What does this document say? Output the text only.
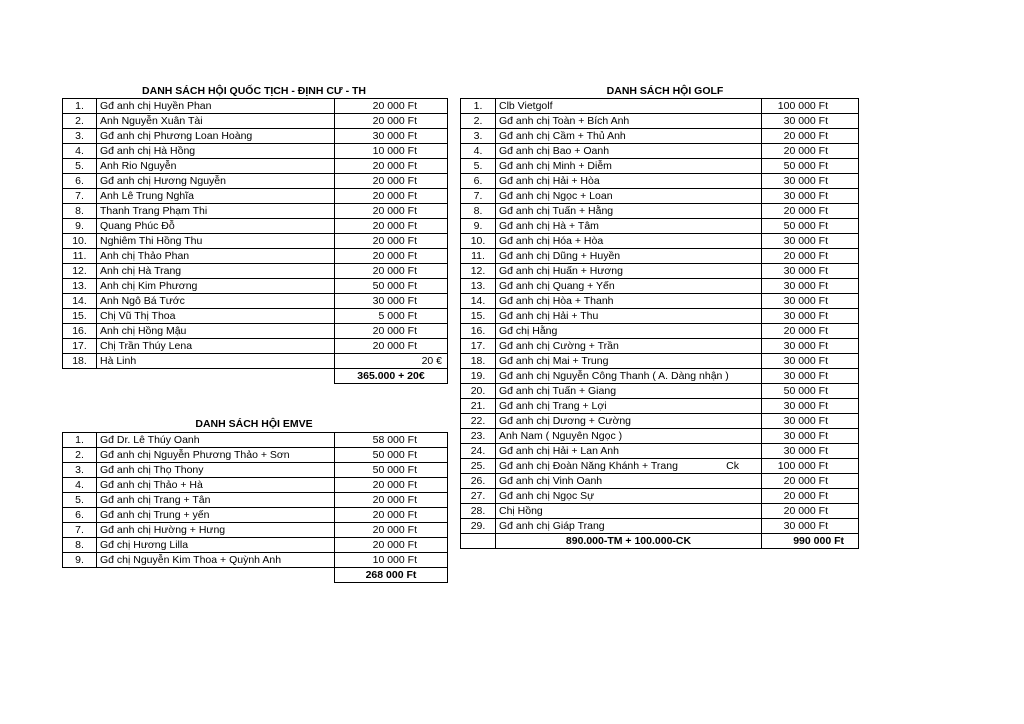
DANH SÁCH HỘI QUỐC TỊCH - ĐỊNH CƯ - TH
1.	Gđ anh chị Huyền Phan	20 000 Ft
2.	Anh Nguyễn Xuân Tài	20 000 Ft
3.	Gđ anh chị Phương Loan Hoàng	30 000 Ft
4.	Gđ anh chị Hà Hồng	10 000 Ft
5.	Anh Rio Nguyễn	20 000 Ft
6.	Gđ anh chị Hương Nguyễn	20 000 Ft
7.	Anh Lê Trung Nghĩa	20 000 Ft
8.	Thanh Trang Phạm Thi	20 000 Ft
9.	Quang Phúc Đỗ	20 000 Ft
10.	Nghiêm Thi Hồng Thu	20 000 Ft
11.	Anh chị Thảo Phan	20 000 Ft
12.	Anh chị Hà Trang	20 000 Ft
13.	Anh chị Kim Phương	50 000 Ft
14.	Anh Ngô Bá Tước	30 000 Ft
15.	Chị Vũ Thị Thoa	5 000 Ft
16.	Anh chị Hồng Mậu	20 000 Ft
17.	Chị Trần Thúy Lena	20 000 Ft
18.	Hà Linh	20 €
		365.000 + 20€
DANH SÁCH HỘI EMVE
1.	Gđ Dr. Lê Thúy Oanh	58 000 Ft
2.	Gđ anh chị Nguyễn Phương Thảo + Sơn	50 000 Ft
3.	Gđ anh chị Thọ Thony	50 000 Ft
4.	Gđ anh chị Thảo + Hà	20 000 Ft
5.	Gđ anh chị Trang + Tân	20 000 Ft
6.	Gđ anh chị Trung + yến	20 000 Ft
7.	Gđ anh chị Hường + Hưng	20 000 Ft
8.	Gđ chị Hương Lilla	20 000 Ft
9.	Gđ chị Nguyễn Kim Thoa + Quỳnh Anh	10 000 Ft
		268 000 Ft
DANH SÁCH HỘI GOLF
1.	Clb Vietgolf	100 000 Ft
2.	Gđ anh chị Toàn + Bích Anh	30 000 Ft
3.	Gđ anh chị Cầm + Thủ Anh	20 000 Ft
4.	Gđ anh chị Bao + Oanh	20 000 Ft
5.	Gđ anh chị Minh + Diễm	50 000 Ft
6.	Gđ anh chị Hải + Hòa	30 000 Ft
7.	Gđ anh chị Ngọc + Loan	30 000 Ft
8.	Gđ anh chị Tuấn + Hằng	20 000 Ft
9.	Gđ anh chị Hà + Tâm	50 000 Ft
10.	Gđ anh chị Hóa + Hòa	30 000 Ft
11.	Gđ anh chị Dũng + Huyền	20 000 Ft
12.	Gđ anh chị Huấn + Hương	30 000 Ft
13.	Gđ anh chị Quang + Yến	30 000 Ft
14.	Gđ anh chị Hòa + Thanh	30 000 Ft
15.	Gđ anh chị Hải + Thu	30 000 Ft
16.	Gđ chị Hằng	20 000 Ft
17.	Gđ anh chị Cường + Trần	30 000 Ft
18.	Gđ anh chị Mai + Trung	30 000 Ft
19.	Gđ anh chị Nguyễn Công Thanh ( A. Dàng nhận )	30 000 Ft
20.	Gđ anh chị Tuấn + Giang	50 000 Ft
21.	Gđ anh chị Trang + Lợi	30 000 Ft
22.	Gđ anh chị Dương + Cường	30 000 Ft
23.	Anh Nam ( Nguyên Ngọc )	30 000 Ft
24.	Gđ anh chị Hải + Lan Anh	30 000 Ft
25.	Gđ anh chị Đoàn Năng Khánh + Trang Ck	100 000 Ft
26.	Gđ anh chị Vinh Oanh	20 000 Ft
27.	Gđ anh chị Ngọc Sự	20 000 Ft
28.	Chị Hồng	20 000 Ft
29.	Gđ anh chị Giáp Trang	30 000 Ft
	890.000-TM + 100.000-CK	990 000 Ft
